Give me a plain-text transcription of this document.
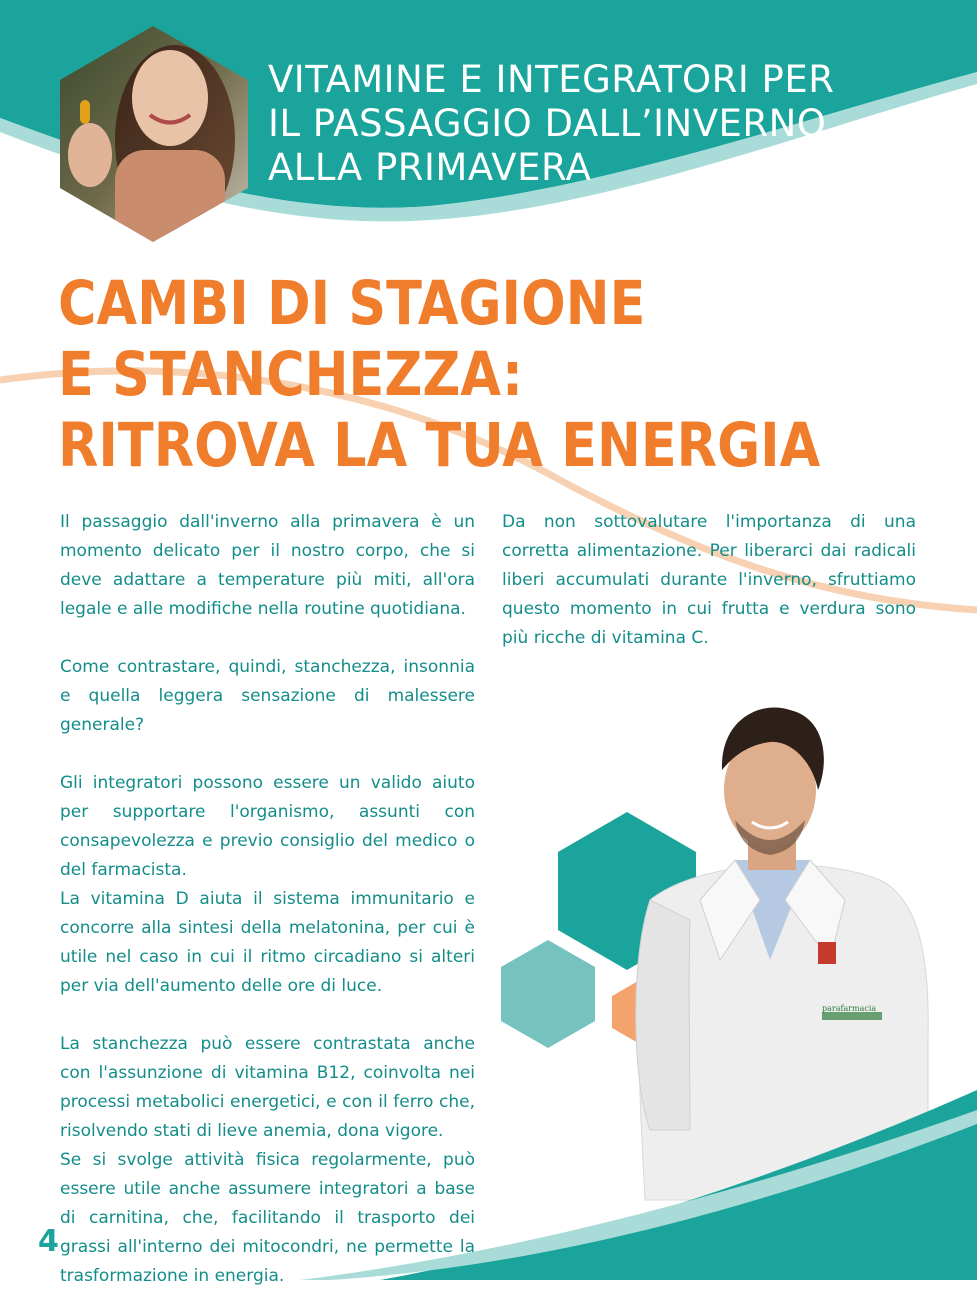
VITAMINE E INTEGRATORI PER
IL PASSAGGIO DALL’INVERNO
ALLA PRIMAVERA
CAMBI DI STAGIONE
E STANCHEZZA:
RITROVA LA TUA ENERGIA

Il passaggio dall'inverno alla primavera è un momento delicato per il nostro corpo, che si deve adattare a temperature più miti, all'ora legale e alle modifiche nella routine quotidiana.

Come contrastare, quindi, stanchezza, insonnia e quella leggera sensazione di malessere generale?

Gli integratori possono essere un valido aiuto per supportare l'organismo, assunti con consapevolezza e previo consiglio del medico o del farmacista.

La vitamina D aiuta il sistema immunitario e concorre alla sintesi della melatonina, per cui è utile nel caso in cui il ritmo circadiano si alteri per via dell'aumento delle ore di luce.

La stanchezza può essere contrastata anche con l'assunzione di vitamina B12, coinvolta nei processi metabolici energetici, e con il ferro che, risolvendo stati di lieve anemia, dona vigore.

Se si svolge attività fisica regolarmente, può essere utile anche assumere integratori a base di carnitina, che, facilitando il trasporto dei grassi all'interno dei mitocondri, ne permette la trasformazione in energia.

Da non sottovalutare l'importanza di una corretta alimentazione. Per liberarci dai radicali liberi accumulati durante l'inverno, sfruttiamo questo momento in cui frutta e verdura sono più ricche di vitamina C.

parafarmacia
4
